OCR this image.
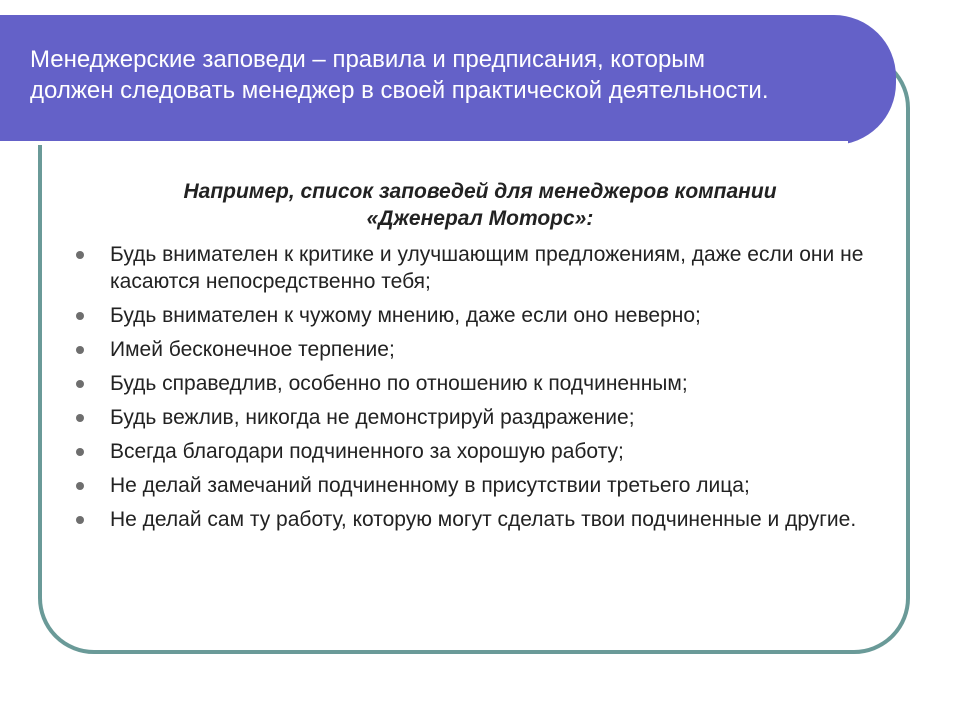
Менеджерские заповеди – правила и предписания, которым
должен следовать менеджер в своей практической деятельности.

Например, список заповедей для менеджеров компании
«Дженерал Моторс»:

Будь внимателен к критике и улучшающим предложениям, даже если они не касаются непосредственно тебя;
Будь внимателен к чужому мнению, даже если оно неверно;
Имей бесконечное терпение;
Будь справедлив, особенно по отношению к подчиненным;
Будь вежлив, никогда не демонстрируй раздражение;
Всегда благодари подчиненного за хорошую работу;
Не делай замечаний подчиненному в присутствии третьего лица;
Не делай сам ту работу, которую могут сделать твои подчиненные и другие.
